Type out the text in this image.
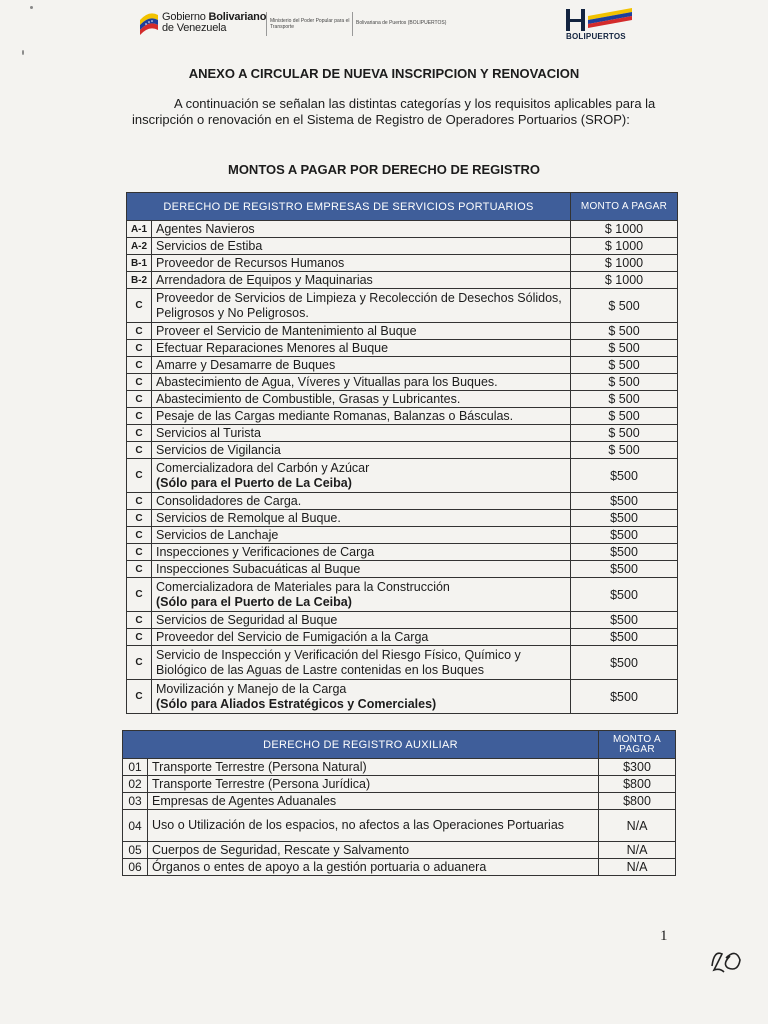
Gobierno Bolivariano
de Venezuela
Ministerio del Poder Popular para el Transporte
Bolivariana de Puertos (BOLIPUERTOS)
BOLIPUERTOS
ANEXO A CIRCULAR DE NUEVA INSCRIPCION Y RENOVACION
A continuación se señalan las distintas categorías y los requisitos aplicables para la inscripción o renovación en el Sistema de Registro de Operadores Portuarios (SROP):
MONTOS A PAGAR POR DERECHO DE REGISTRO
DERECHO DE REGISTRO EMPRESAS DE SERVICIOS PORTUARIOS		MONTO A PAGAR
A-1	Agentes Navieros	$ 1000
A-2	Servicios de Estiba	$ 1000
B-1	Proveedor de Recursos Humanos	$ 1000
B-2	Arrendadora de Equipos y Maquinarias	$ 1000
C	Proveedor de Servicios de Limpieza y Recolección de Desechos Sólidos, Peligrosos y No Peligrosos.	$ 500
C	Proveer el Servicio de Mantenimiento al Buque	$ 500
C	Efectuar Reparaciones Menores al Buque	$ 500
C	Amarre y Desamarre de Buques	$ 500
C	Abastecimiento de Agua, Víveres y Vituallas para los Buques.	$ 500
C	Abastecimiento de Combustible, Grasas y Lubricantes.	$ 500
C	Pesaje de las Cargas mediante Romanas, Balanzas o Básculas.	$ 500
C	Servicios al Turista	$ 500
C	Servicios de Vigilancia	$ 500
C	Comercializadora del Carbón y Azúcar
(Sólo para el Puerto de La Ceiba)	$500
C	Consolidadores de Carga.	$500
C	Servicios de Remolque al Buque.	$500
C	Servicios de Lanchaje	$500
C	Inspecciones y Verificaciones de Carga	$500
C	Inspecciones Subacuáticas al Buque	$500
C	Comercializadora de Materiales para la Construcción
(Sólo para el Puerto de La Ceiba)	$500
C	Servicios de Seguridad al Buque	$500
C	Proveedor del Servicio de Fumigación a la Carga	$500
C	Servicio de Inspección y Verificación del Riesgo Físico, Químico y Biológico de las Aguas de Lastre contenidas en los Buques	$500
C	Movilización y Manejo de la Carga
(Sólo para Aliados Estratégicos y Comerciales)	$500
DERECHO DE REGISTRO AUXILIAR		MONTO A PAGAR
01	Transporte Terrestre (Persona Natural)	$300
02	Transporte Terrestre (Persona Jurídica)	$800
03	Empresas de Agentes Aduanales	$800
04	Uso o Utilización de los espacios, no afectos a las Operaciones Portuarias	N/A
05	Cuerpos de Seguridad, Rescate y Salvamento	N/A
06	Órganos o entes de apoyo a la gestión portuaria o aduanera	N/A
1
